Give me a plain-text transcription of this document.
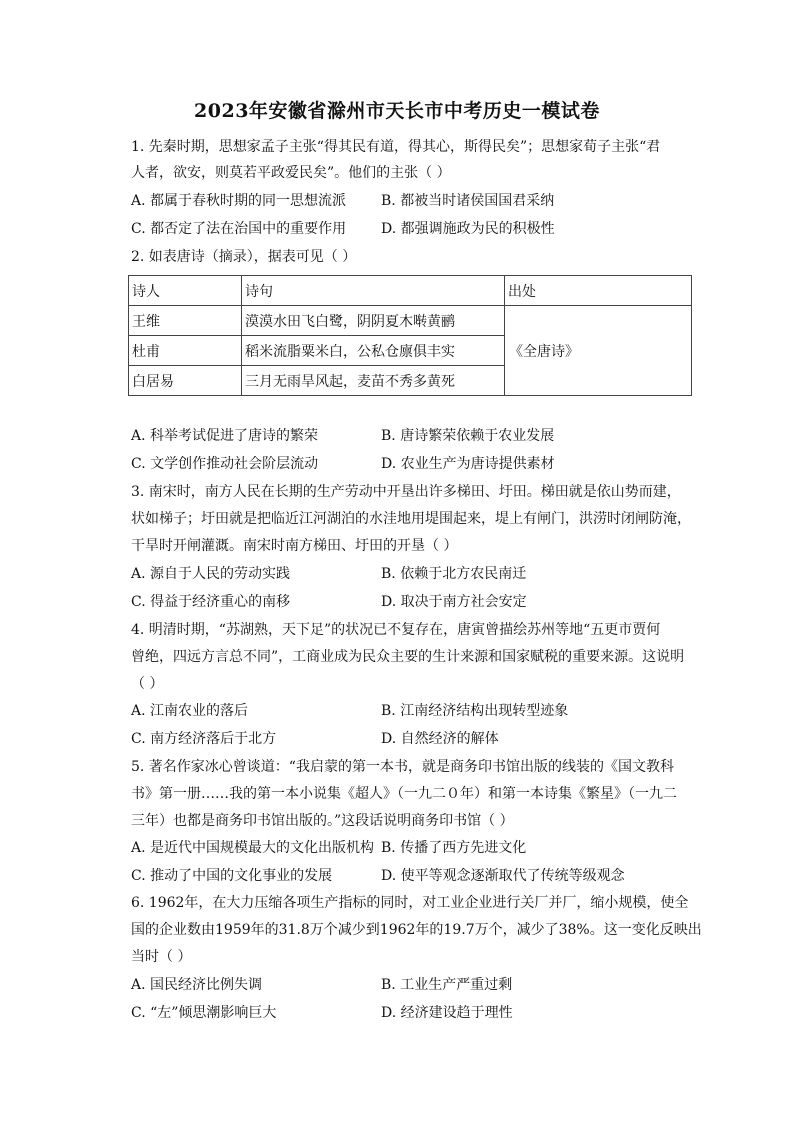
2023年安徽省滁州市天长市中考历史一模试卷
1. 先秦时期，思想家孟子主张“得其民有道，得其心，斯得民矣”；思想家荀子主张“君
人者，欲安，则莫若平政爱民矣”。他们的主张（ ）
A. 都属于春秋时期的同一思想流派 B. 都被当时诸侯国国君采纳
C. 都否定了法在治国中的重要作用 D. 都强调施政为民的积极性
2. 如表唐诗（摘录），据表可见（ ）
诗人	诗句	出处
王维	漠漠水田飞白鹭，阴阴夏木啭黄鹂	《全唐诗》
杜甫	稻米流脂粟米白，公私仓廪俱丰实	
白居易	三月无雨旱风起，麦苗不秀多黄死	
A. 科举考试促进了唐诗的繁荣	B. 唐诗繁荣依赖于农业发展
C. 文学创作推动社会阶层流动	D. 农业生产为唐诗提供素材
3. 南宋时，南方人民在长期的生产劳动中开垦出许多梯田、圩田。梯田就是依山势而建，
状如梯子；圩田就是把临近江河湖泊的水洼地用堤围起来，堤上有闸门，洪涝时闭闸防淹，
干旱时开闸灌溉。南宋时南方梯田、圩田的开垦（ ）
A. 源自于人民的劳动实践	B. 依赖于北方农民南迁
C. 得益于经济重心的南移	D. 取决于南方社会安定
4. 明清时期，“苏湖熟，天下足”的状况已不复存在，唐寅曾描绘苏州等地“五更市贾何
曾绝，四远方言总不同”，工商业成为民众主要的生计来源和国家赋税的重要来源。这说明
（ ）
A. 江南农业的落后	B. 江南经济结构出现转型迹象
C. 南方经济落后于北方	D. 自然经济的解体
5. 著名作家冰心曾谈道：“我启蒙的第一本书，就是商务印书馆出版的线装的《国文教科
书》第一册……我的第一本小说集《超人》（一九二０年）和第一本诗集《繁星》（一九二
三年）也都是商务印书馆出版的。”这段话说明商务印书馆（ ）
A. 是近代中国规模最大的文化出版机构 B. 传播了西方先进文化
C. 推动了中国的文化事业的发展	D. 使平等观念逐渐取代了传统等级观念
6. 1962年，在大力压缩各项生产指标的同时，对工业企业进行关厂并厂，缩小规模，使全
国的企业数由1959年的31.8万个减少到1962年的19.7万个，减少了38%。这一变化反映出
当时（ ）
A. 国民经济比例失调	B. 工业生产严重过剩
C. “左”倾思潮影响巨大	D. 经济建设趋于理性
